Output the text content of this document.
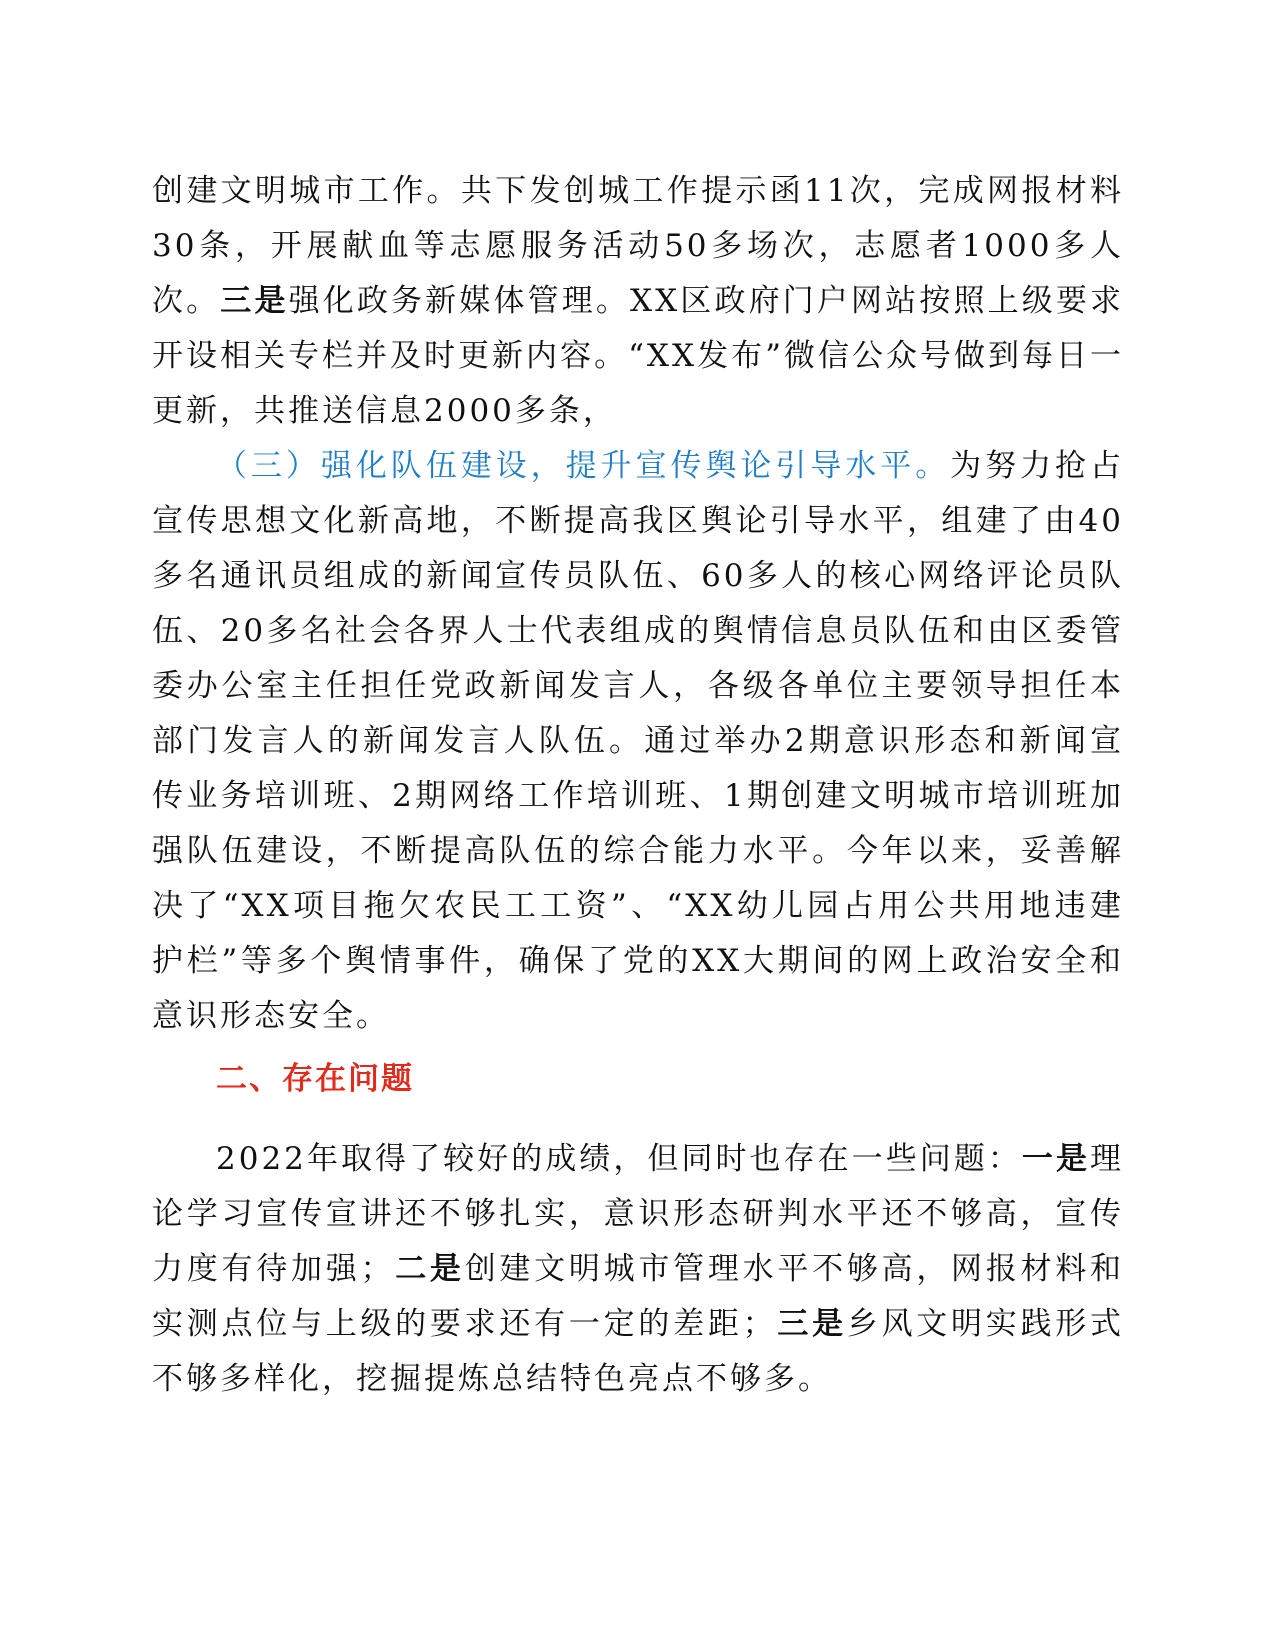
创建文明城市工作。共下发创城工作提示函11次，完成网报材料30条，开展献血等志愿服务活动50多场次，志愿者1000多人次。三是强化政务新媒体管理。XX区政府门户网站按照上级要求开设相关专栏并及时更新内容。“XX发布”微信公众号做到每日一更新，共推送信息2000多条，

（三）强化队伍建设，提升宣传舆论引导水平。为努力抢占宣传思想文化新高地，不断提高我区舆论引导水平，组建了由40多名通讯员组成的新闻宣传员队伍、60多人的核心网络评论员队伍、20多名社会各界人士代表组成的舆情信息员队伍和由区委管委办公室主任担任党政新闻发言人，各级各单位主要领导担任本部门发言人的新闻发言人队伍。通过举办2期意识形态和新闻宣传业务培训班、2期网络工作培训班、1期创建文明城市培训班加强队伍建设，不断提高队伍的综合能力水平。今年以来，妥善解决了“XX项目拖欠农民工工资”、“XX幼儿园占用公共用地违建护栏”等多个舆情事件，确保了党的XX大期间的网上政治安全和意识形态安全。

二、存在问题

2022年取得了较好的成绩，但同时也存在一些问题：一是理论学习宣传宣讲还不够扎实，意识形态研判水平还不够高，宣传力度有待加强；二是创建文明城市管理水平不够高，网报材料和实测点位与上级的要求还有一定的差距；三是乡风文明实践形式不够多样化，挖掘提炼总结特色亮点不够多。
